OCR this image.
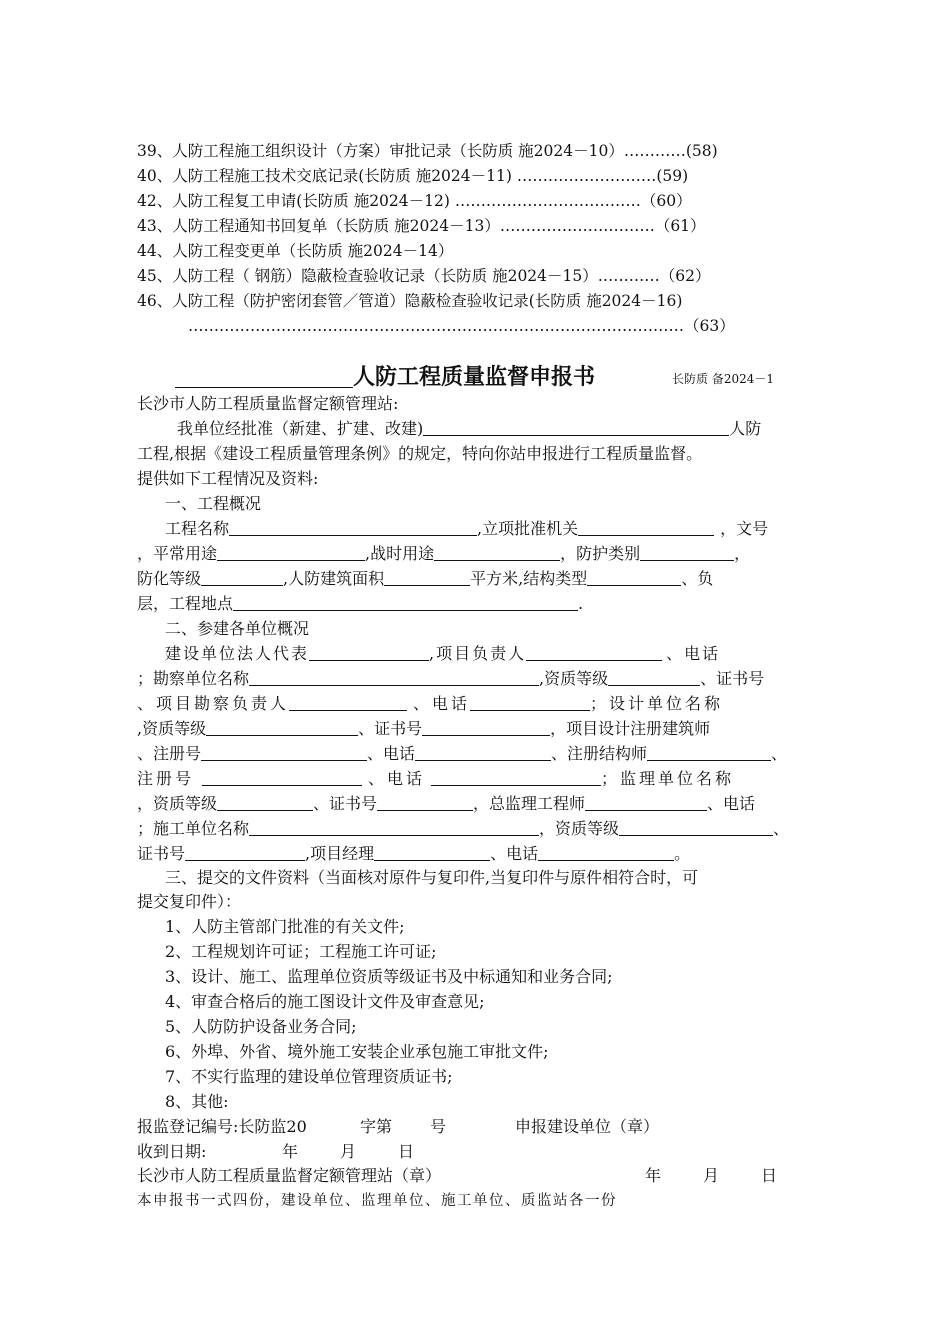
39、人防工程施工组织设计（方案）审批记录（长防质 施2024－10）…………(58)
40、人防工程施工技术交底记录(长防质 施2024－11) ………………………(59)
42、人防工程复工申请(长防质 施2024－12) ………………………………（60）
43、人防工程通知书回复单（长防质 施2024－13）…………………………（61）
44、人防工程变更单（长防质 施2024－14）
45、人防工程（ 钢筋）隐蔽检查验收记录（长防质 施2024－15）…………（62）
46、人防工程（防护密闭套管／管道）隐蔽检查验收记录(长防质 施2024－16)
……………………………………………………………………………………（63）
人防工程质量监督申报书	长防质 备2024－1
长沙市人防工程质量监督定额管理站:
我单位经批准（新建、扩建、改建)	人防
工程,根据《建设工程质量管理条例》的规定，特向你站申报进行工程质量监督。
提供如下工程情况及资料:
一、工程概况
工程名称	,立项批准机关	，文号
，平常用途	,战时用途	，防护类别	，
防化等级	,人防建筑面积	平方米,结构类型	、负
层，工程地点	.
二、参建各单位概况
建设单位法人代表	,项目负责人	、电话
；勘察单位名称	,资质等级	、证书号
、项目勘察负责人	、电话	；设计单位名称
,资质等级	、证书号	，项目设计注册建筑师
、注册号	、电话	、注册结构师	、
注册号	、电话	；监理单位名称
，资质等级	、证书号	，总监理工程师	、电话
；施工单位名称	，资质等级	、
证书号	,项目经理	、电话	。
三、提交的文件资料（当面核对原件与复印件,当复印件与原件相符合时，可
提交复印件）：
1、人防主管部门批准的有关文件;
2、工程规划许可证；工程施工许可证;
3、设计、施工、监理单位资质等级证书及中标通知和业务合同;
4、审查合格后的施工图设计文件及审查意见;
5、人防防护设备业务合同;
6、外埠、外省、境外施工安装企业承包施工审批文件;
7、不实行监理的建设单位管理资质证书;
8、其他:
报监登记编号:长防监20	字第 号	申报建设单位（章）
收到日期:	年	月	日
长沙市人防工程质量监督定额管理站（章）	年	月	日
本申报书一式四份，建设单位、监理单位、施工单位、质监站各一份
